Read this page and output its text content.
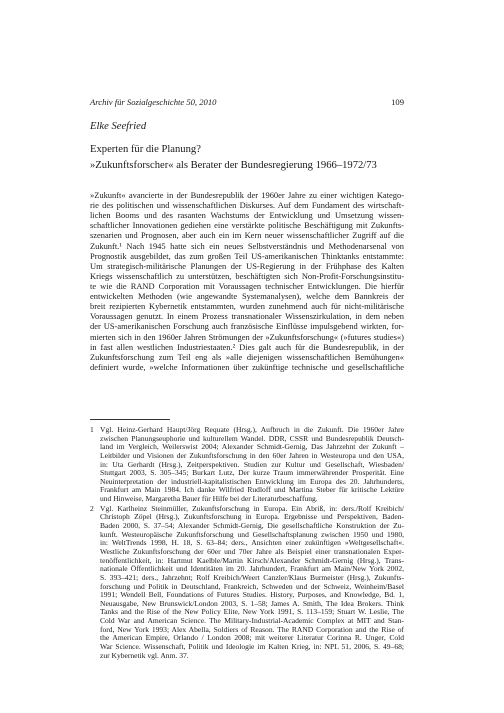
Archiv für Sozialgeschichte 50, 2010	109
Elke Seefried
Experten für die Planung?
»Zukunftsforscher« als Berater der Bundesregierung 1966–1972/73
»Zukunft« avancierte in der Bundesrepublik der 1960er Jahre zu einer wichtigen Katego-
rie des politischen und wissenschaftlichen Diskurses. Auf dem Fundament des wirtschaft-
lichen Booms und des rasanten Wachstums der Entwicklung und Umsetzung wissen-
schaftlicher Innovationen gediehen eine verstärkte politische Beschäftigung mit Zukunfts-
szenarien und Prognosen, aber auch ein im Kern neuer wissenschaftlicher Zugriff auf die
Zukunft.¹ Nach 1945 hatte sich ein neues Selbstverständnis und Methodenarsenal von
Prognostik ausgebildet, das zum großen Teil US-amerikanischen Thinktanks entstammte:
Um strategisch-militärische Planungen der US-Regierung in der Frühphase des Kalten
Kriegs wissenschaftlich zu unterstützen, beschäftigten sich Non-Profit-Forschungsinstitu-
te wie die RAND Corporation mit Voraussagen technischer Entwicklungen. Die hierfür
entwickelten Methoden (wie angewandte Systemanalysen), welche dem Bannkreis der
breit rezipierten Kybernetik entstammten, wurden zunehmend auch für nicht-militärische
Voraussagen genutzt. In einem Prozess transnationaler Wissenszirkulation, in dem neben
der US-amerikanischen Forschung auch französische Einflüsse impulsgebend wirkten, for-
mierten sich in den 1960er Jahren Strömungen der »Zukunftsforschung« (»futures studies«)
in fast allen westlichen Industriestaaten.² Dies galt auch für die Bundesrepublik, in der
Zukunftsforschung zum Teil eng als »alle diejenigen wissenschaftlichen Bemühungen«
definiert wurde, »welche Informationen über zukünftige technische und gesellschaftliche
1 Vgl. Heinz-Gerhard Haupt/Jörg Requate (Hrsg.), Aufbruch in die Zukunft. Die 1960er Jahre
zwischen Planungseuphorie und kulturellem Wandel. DDR, CSSR und Bundesrepublik Deutsch-
land im Vergleich, Weilerswist 2004; Alexander Schmidt-Gernig, Das Jahrzehnt der Zukunft –
Leitbilder und Visionen der Zukunftsforschung in den 60er Jahren in Westeuropa und den USA,
in: Uta Gerhardt (Hrsg.), Zeitperspektiven. Studien zur Kultur und Gesellschaft, Wiesbaden/
Stuttgart 2003, S. 305–345; Burkart Lutz, Der kurze Traum immerwährender Prosperität. Eine
Neuinterpretation der industriell-kapitalistischen Entwicklung im Europa des 20. Jahrhunderts,
Frankfurt am Main 1984. Ich danke Wilfried Rudloff und Martina Steber für kritische Lektüre
und Hinweise, Margaretha Bauer für Hilfe bei der Literaturbeschaffung.
2 Vgl. Karlheinz Steinmüller, Zukunftsforschung in Europa. Ein Abriß, in: ders./Rolf Kreibich/
Christoph Zöpel (Hrsg.), Zukunftsforschung in Europa. Ergebnisse und Perspektiven, Baden-
Baden 2000, S. 37–54; Alexander Schmidt-Gernig, Die gesellschaftliche Konstruktion der Zu-
kunft. Westeuropäische Zukunftsforschung und Gesellschaftsplanung zwischen 1950 und 1980,
in: WeltTrends 1998, H. 18, S. 63–84; ders., Ansichten einer zukünftigen »Weltgesellschaft«.
Westliche Zukunftsforschung der 60er und 70er Jahre als Beispiel einer transnationalen Exper-
tenöffentlichkeit, in: Hartmut Kaelble/Martin Kirsch/Alexander Schmidt-Gernig (Hrsg.), Trans-
nationale Öffentlichkeit und Identitäten im 20. Jahrhundert, Frankfurt am Main/New York 2002,
S. 393–421; ders., Jahrzehnt; Rolf Kreibich/Weert Canzler/Klaus Burmeister (Hrsg.), Zukunfts-
forschung und Politik in Deutschland, Frankreich, Schweden und der Schweiz, Weinheim/Basel
1991; Wendell Bell, Foundations of Futures Studies. History, Purposes, and Knowledge, Bd. 1,
Neuausgabe, New Brunswick/London 2003, S. 1–58; James A. Smith, The Idea Brokers. Think
Tanks and the Rise of the New Policy Elite, New York 1991, S. 113–159; Stuart W. Leslie, The
Cold War and American Science. The Military-Industrial-Academic Complex at MIT and Stan-
ford, New York 1993; Alex Abella, Soldiers of Reason. The RAND Corporation and the Rise of
the American Empire, Orlando / London 2008; mit weiterer Literatur Corinna R. Unger, Cold
War Science. Wissenschaft, Politik und Ideologie im Kalten Krieg, in: NPL 51, 2006, S. 49–68;
zur Kybernetik vgl. Anm. 37.
